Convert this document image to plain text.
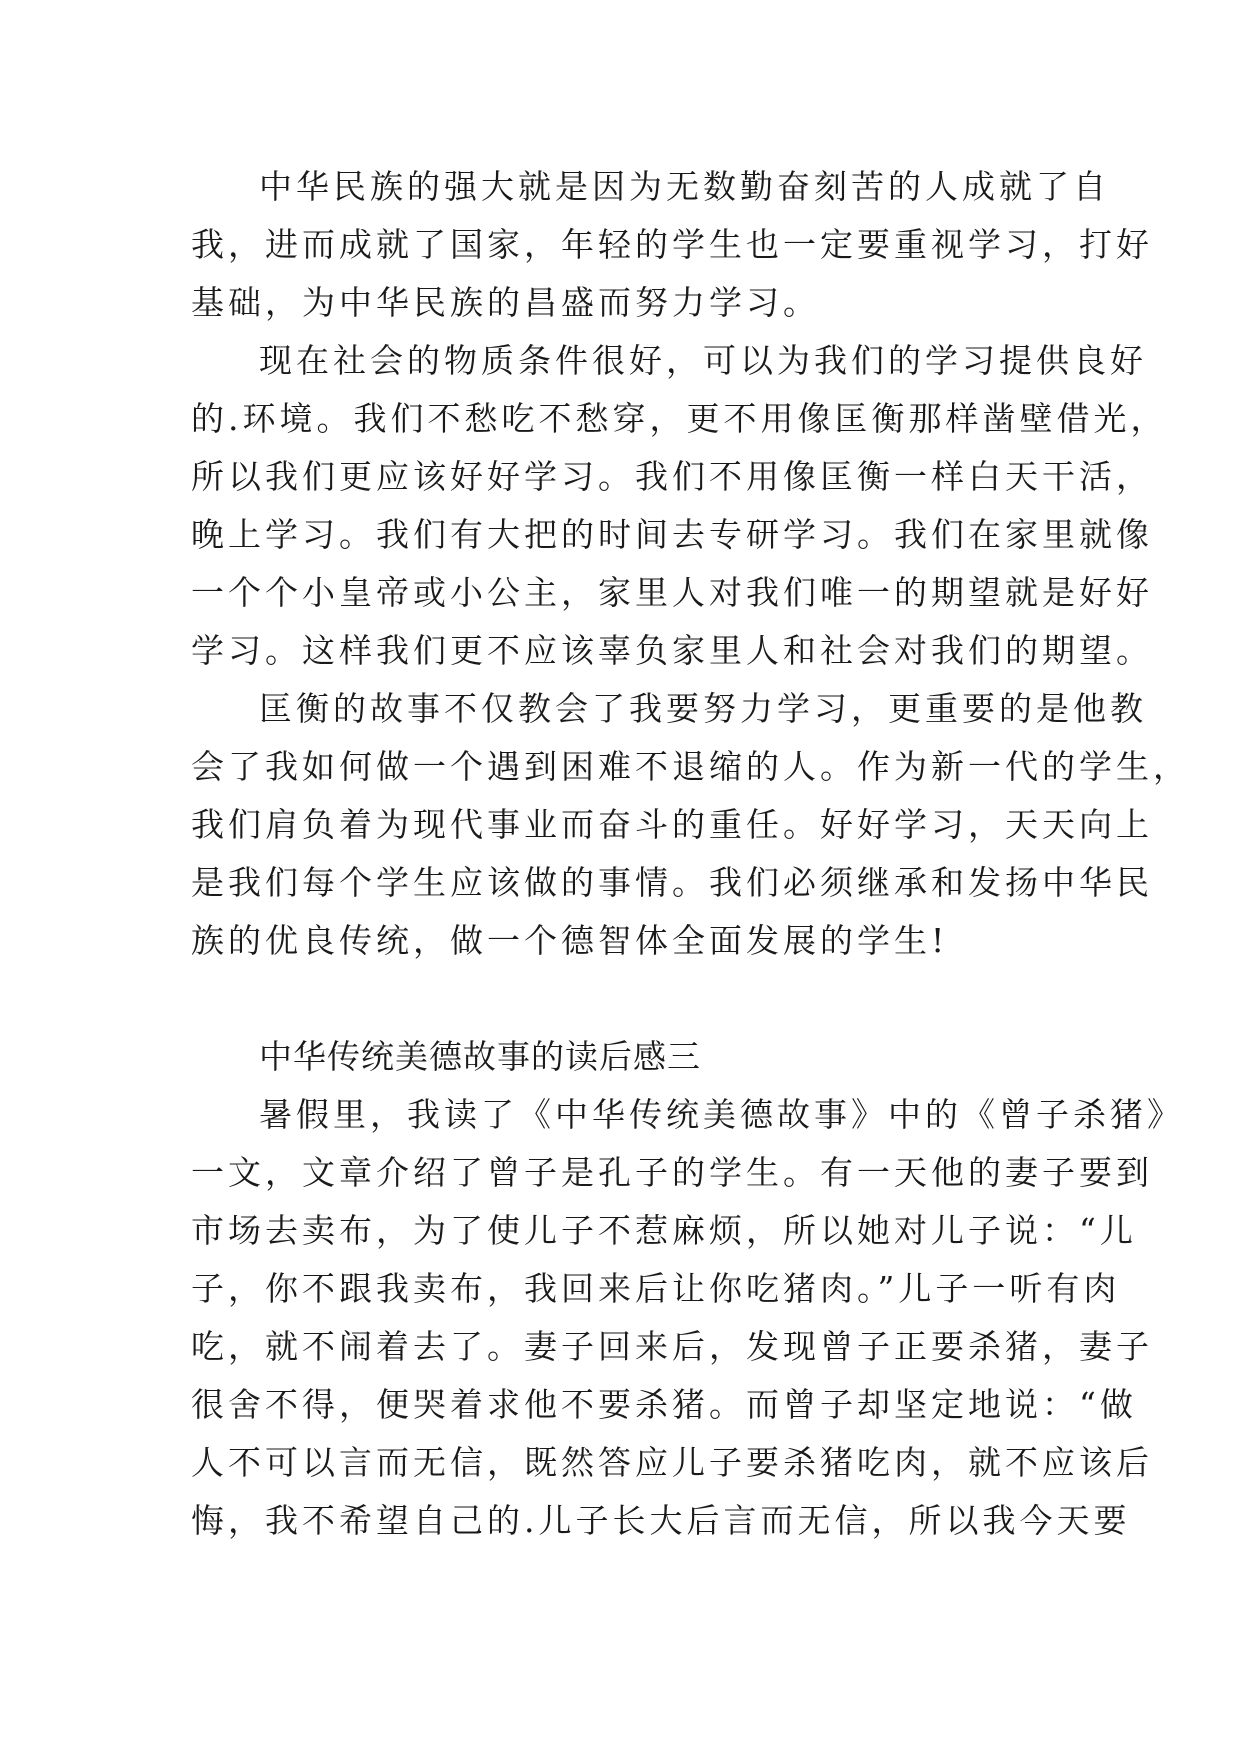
中华民族的强大就是因为无数勤奋刻苦的人成就了自
我，进而成就了国家，年轻的学生也一定要重视学习，打好
基础，为中华民族的昌盛而努力学习。
现在社会的物质条件很好，可以为我们的学习提供良好
的.环境。我们不愁吃不愁穿，更不用像匡衡那样凿壁借光，
所以我们更应该好好学习。我们不用像匡衡一样白天干活，
晚上学习。我们有大把的时间去专研学习。我们在家里就像
一个个小皇帝或小公主，家里人对我们唯一的期望就是好好
学习。这样我们更不应该辜负家里人和社会对我们的期望。
匡衡的故事不仅教会了我要努力学习，更重要的是他教
会了我如何做一个遇到困难不退缩的人。作为新一代的学生，
我们肩负着为现代事业而奋斗的重任。好好学习，天天向上
是我们每个学生应该做的事情。我们必须继承和发扬中华民
族的优良传统，做一个德智体全面发展的学生!
中华传统美德故事的读后感三
暑假里，我读了《中华传统美德故事》中的《曾子杀猪》
一文，文章介绍了曾子是孔子的学生。有一天他的妻子要到
市场去卖布，为了使儿子不惹麻烦，所以她对儿子说：“儿
子，你不跟我卖布，我回来后让你吃猪肉。”儿子一听有肉
吃，就不闹着去了。妻子回来后，发现曾子正要杀猪，妻子
很舍不得，便哭着求他不要杀猪。而曾子却坚定地说：“做
人不可以言而无信，既然答应儿子要杀猪吃肉，就不应该后
悔，我不希望自己的.儿子长大后言而无信，所以我今天要
